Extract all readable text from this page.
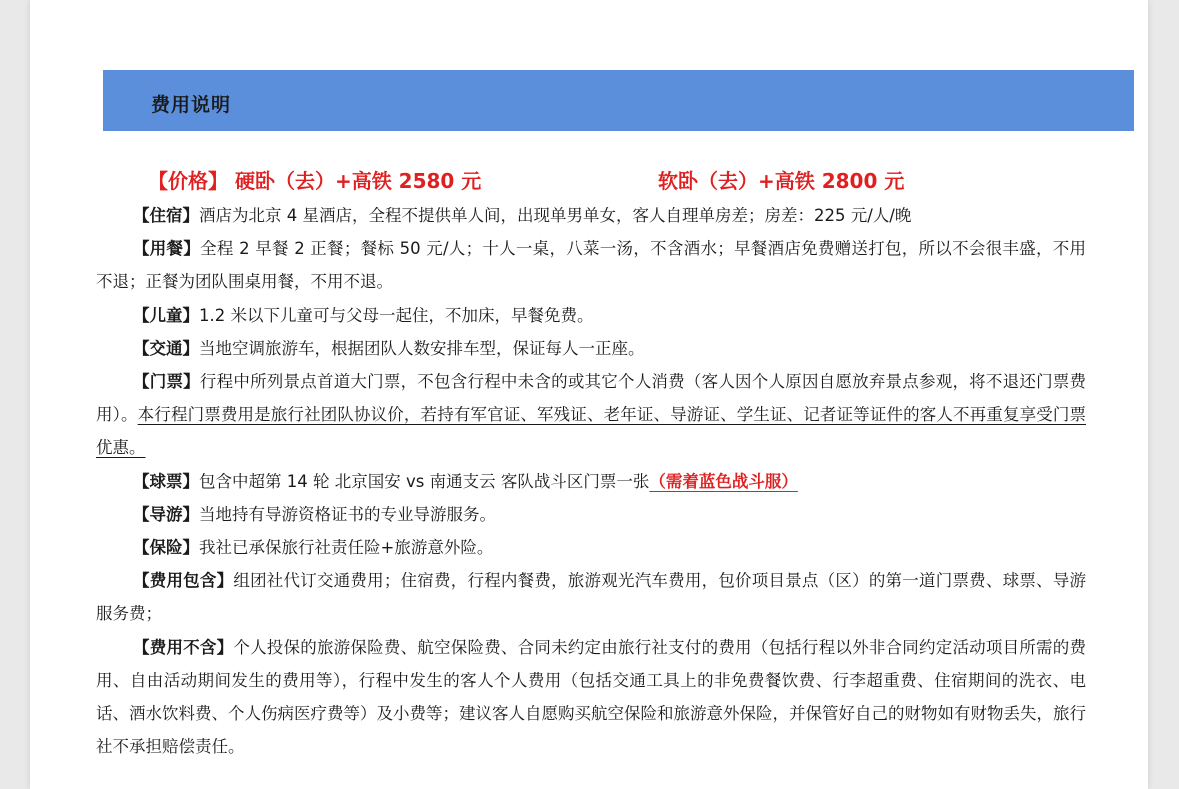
费用说明
【价格】 硬卧（去）+高铁 2580 元	软卧（去）+高铁 2800 元

【住宿】酒店为北京 4 星酒店，全程不提供单人间，出现单男单女，客人自理单房差；房差：225 元/人/晚

【用餐】全程 2 早餐 2 正餐；餐标 50 元/人；十人一桌，八菜一汤，不含酒水；早餐酒店免费赠送打包，所以不会很丰盛，不用不退；正餐为团队围桌用餐，不用不退。

【儿童】1.2 米以下儿童可与父母一起住，不加床，早餐免费。

【交通】当地空调旅游车，根据团队人数安排车型，保证每人一正座。

【门票】行程中所列景点首道大门票，不包含行程中未含的或其它个人消费（客人因个人原因自愿放弃景点参观，将不退还门票费用）。本行程门票费用是旅行社团队协议价，若持有军官证、军残证、老年证、导游证、学生证、记者证等证件的客人不再重复享受门票优惠。

【球票】包含中超第 14 轮 北京国安 vs 南通支云 客队战斗区门票一张（需着蓝色战斗服）

【导游】当地持有导游资格证书的专业导游服务。

【保险】我社已承保旅行社责任险+旅游意外险。

【费用包含】组团社代订交通费用；住宿费，行程内餐费，旅游观光汽车费用，包价项目景点（区）的第一道门票费、球票、导游服务费；

【费用不含】个人投保的旅游保险费、航空保险费、合同未约定由旅行社支付的费用（包括行程以外非合同约定活动项目所需的费用、自由活动期间发生的费用等），行程中发生的客人个人费用（包括交通工具上的非免费餐饮费、行李超重费、住宿期间的洗衣、电话、酒水饮料费、个人伤病医疗费等）及小费等；建议客人自愿购买航空保险和旅游意外保险，并保管好自己的财物如有财物丢失，旅行社不承担赔偿责任。
